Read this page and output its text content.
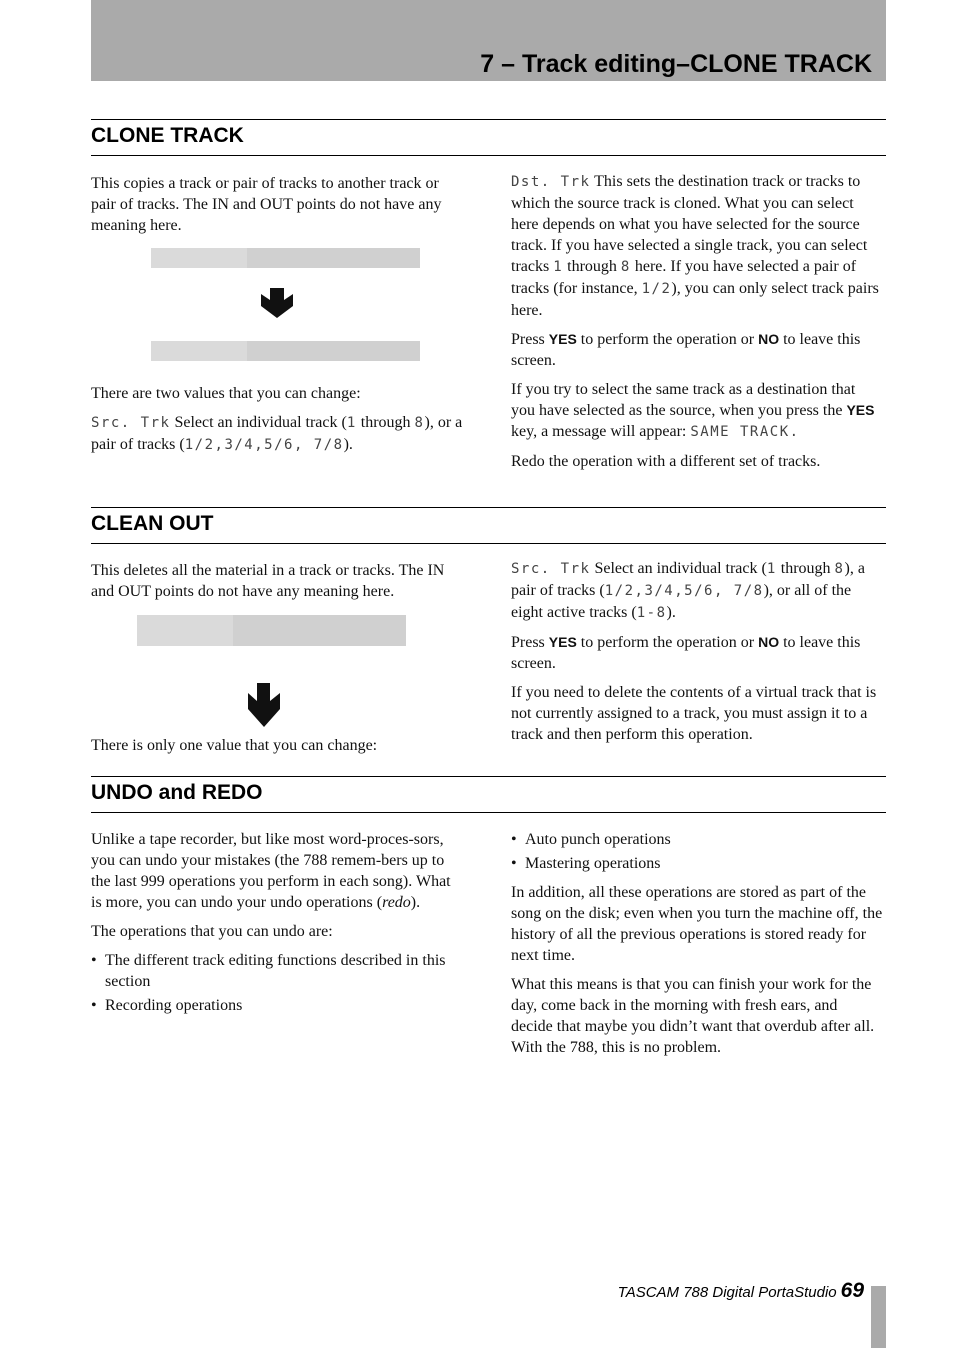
7 – Track editing–CLONE TRACK
CLONE TRACK

This copies a track or pair of tracks to another track or pair of tracks. The IN and OUT points do not have any meaning here.

There are two values that you can change:

Src. Trk Select an individual track (1 through 8), or a pair of tracks (1/2,3/4,5/6, 7/8).

Dst. Trk This sets the destination track or tracks to which the source track is cloned. What you can select here depends on what you have selected for the source track. If you have selected a single track, you can select tracks 1 through 8 here. If you have selected a pair of tracks (for instance, 1/2), you can only select track pairs here.

Press YES to perform the operation or NO to leave this screen.

If you try to select the same track as a destination that you have selected as the source, when you press the YES key, a message will appear: SAME TRACK.

Redo the operation with a different set of tracks.

CLEAN OUT

This deletes all the material in a track or tracks. The IN and OUT points do not have any meaning here.

There is only one value that you can change:

Src. Trk Select an individual track (1 through 8), a pair of tracks (1/2,3/4,5/6, 7/8), or all of the eight active tracks (1-8).

Press YES to perform the operation or NO to leave this screen.

If you need to delete the contents of a virtual track that is not currently assigned to a track, you must assign it to a track and then perform this operation.

UNDO and REDO

Unlike a tape recorder, but like most word-proces-sors, you can undo your mistakes (the 788 remem-bers up to the last 999 operations you perform in each song). What is more, you can undo your undo operations (redo).

The operations that you can undo are:

• The different track editing functions described in this section
• Recording operations
• Auto punch operations
• Mastering operations

In addition, all these operations are stored as part of the song on the disk; even when you turn the machine off, the history of all the previous operations is stored ready for next time.

What this means is that you can finish your work for the day, come back in the morning with fresh ears, and decide that maybe you didn’t want that overdub after all. With the 788, this is no problem.

TASCAM 788 Digital PortaStudio 69
